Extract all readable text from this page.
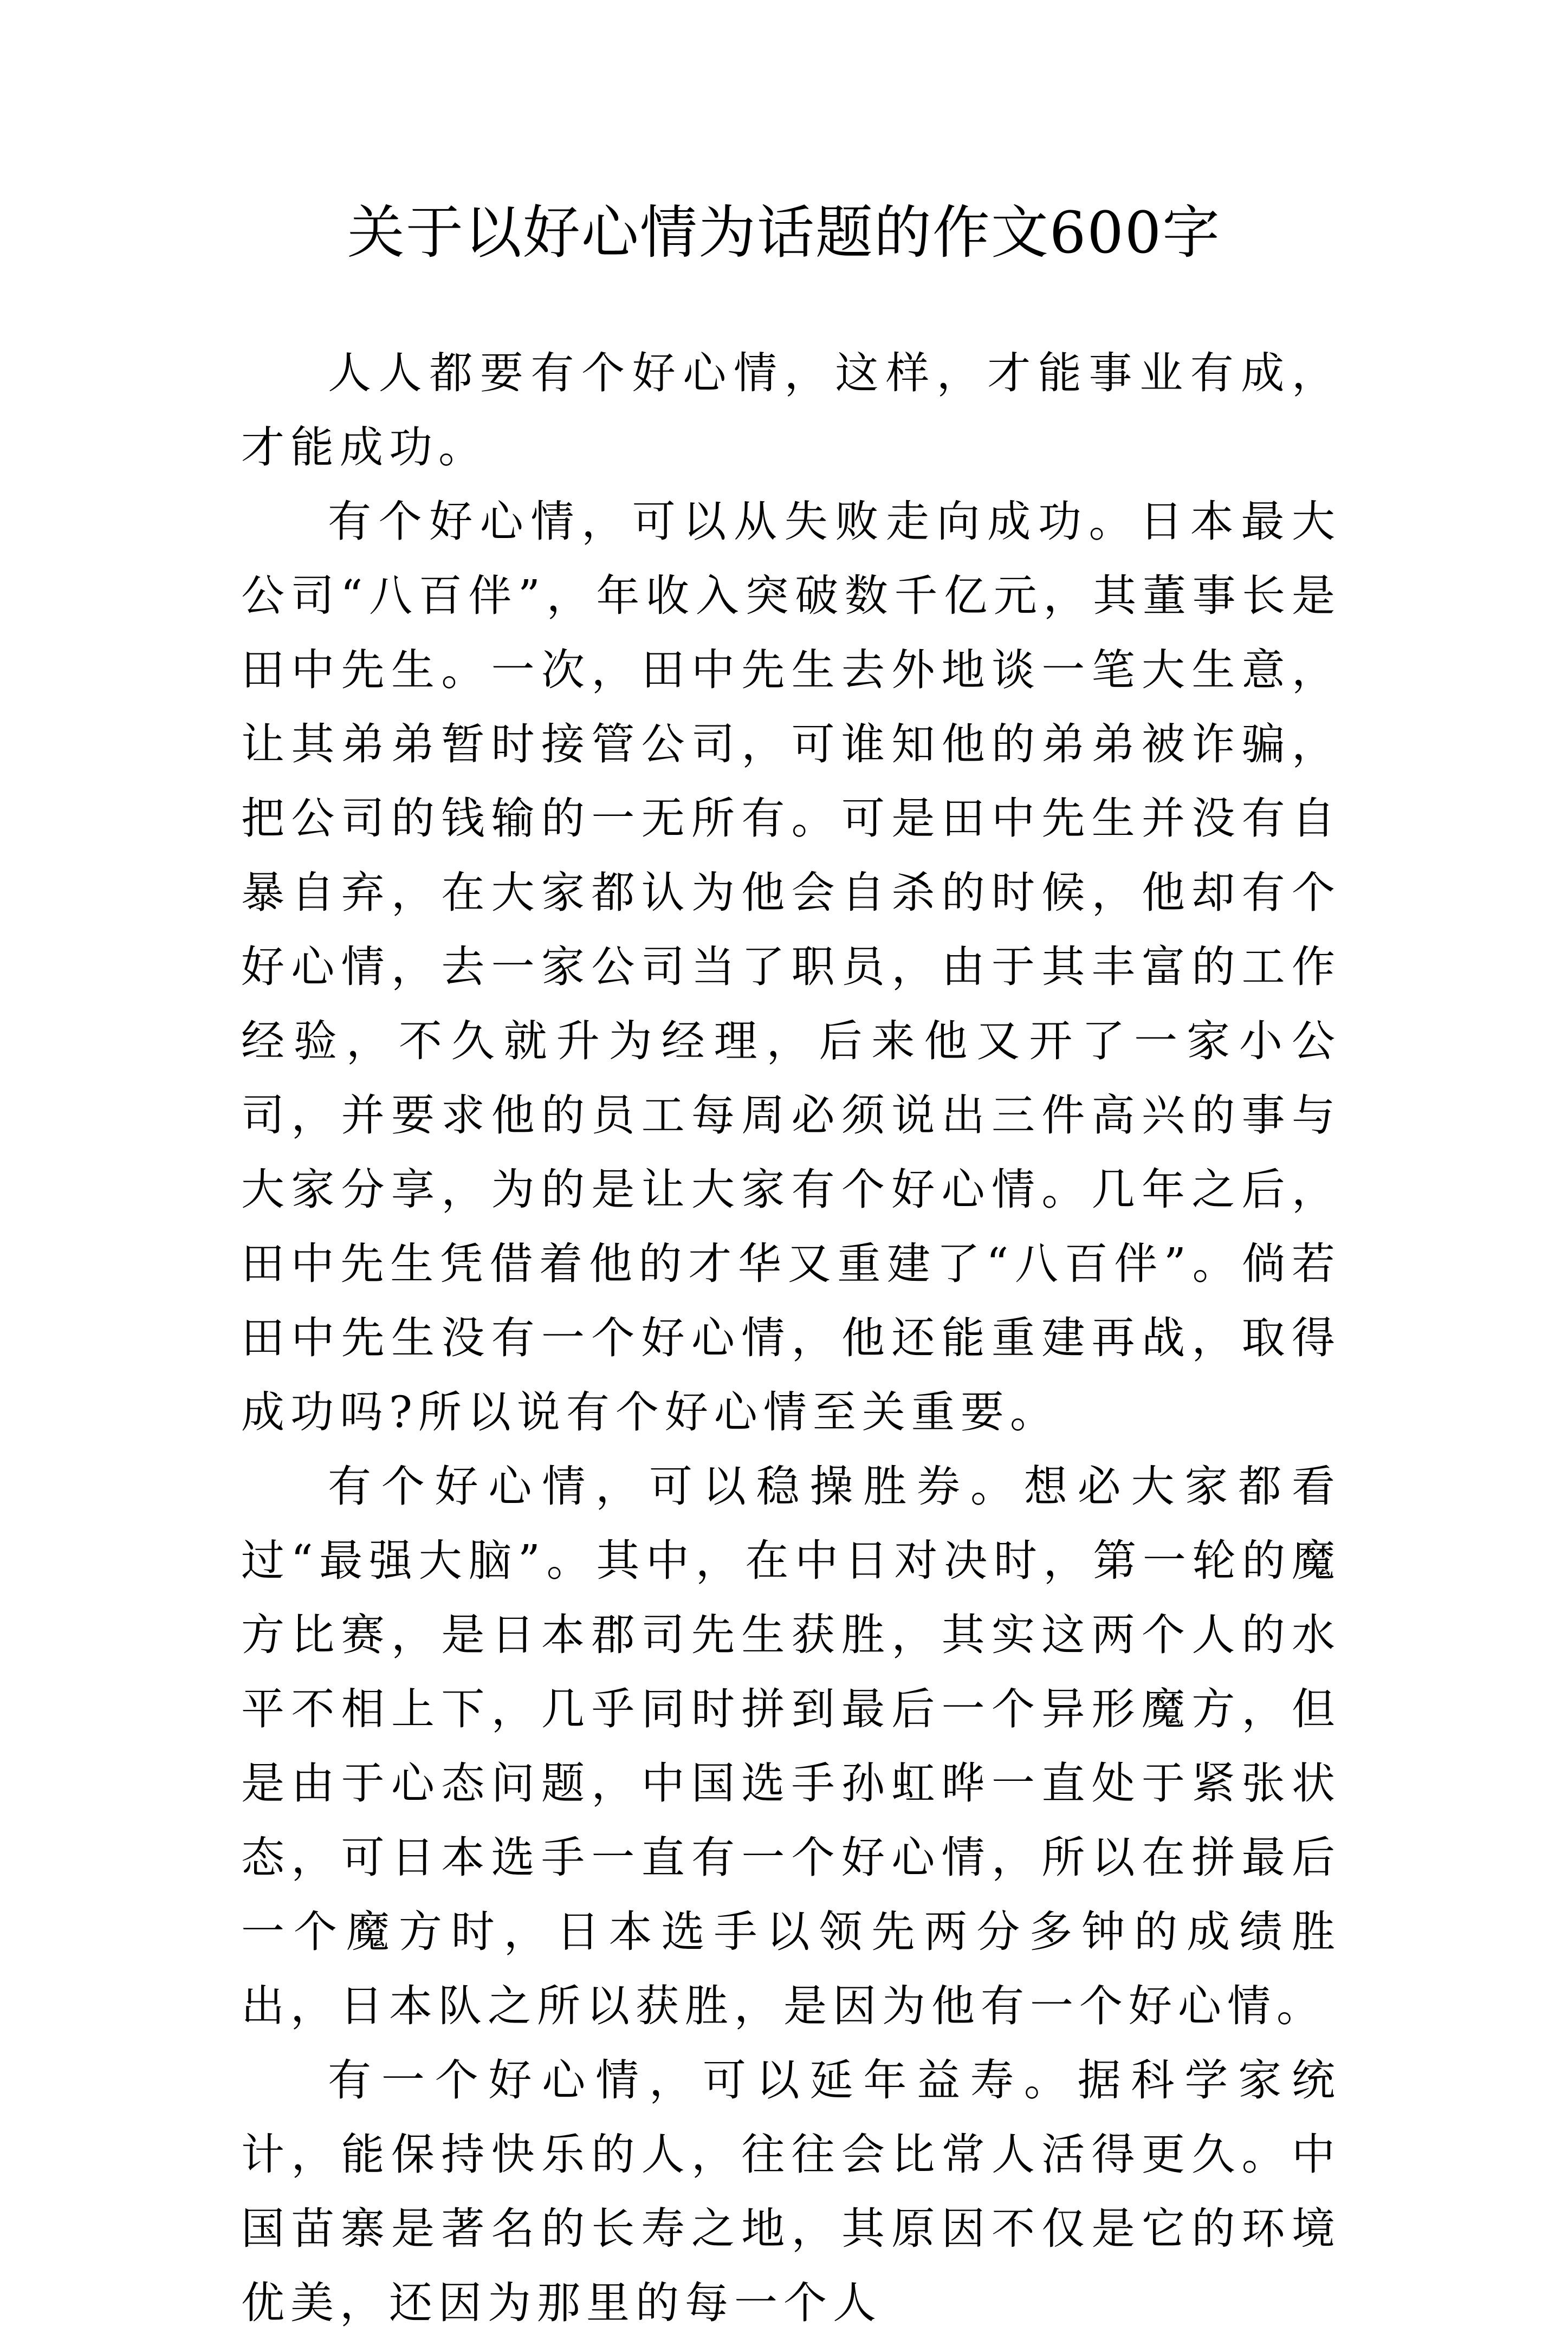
关于以好心情为话题的作文600字

人人都要有个好心情，这样，才能事业有成，才能成功。

有个好心情，可以从失败走向成功。日本最大公司“八百伴”，年收入突破数千亿元，其董事长是田中先生。一次，田中先生去外地谈一笔大生意，让其弟弟暂时接管公司，可谁知他的弟弟被诈骗，把公司的钱输的一无所有。可是田中先生并没有自暴自弃，在大家都认为他会自杀的时候，他却有个好心情，去一家公司当了职员，由于其丰富的工作经验，不久就升为经理，后来他又开了一家小公司，并要求他的员工每周必须说出三件高兴的事与大家分享，为的是让大家有个好心情。几年之后，田中先生凭借着他的才华又重建了“八百伴”。倘若田中先生没有一个好心情，他还能重建再战，取得成功吗?所以说有个好心情至关重要。

有个好心情，可以稳操胜券。想必大家都看过“最强大脑”。其中，在中日对决时，第一轮的魔方比赛，是日本郡司先生获胜，其实这两个人的水平不相上下，几乎同时拼到最后一个异形魔方，但是由于心态问题，中国选手孙虹晔一直处于紧张状态，可日本选手一直有一个好心情，所以在拼最后一个魔方时，日本选手以领先两分多钟的成绩胜出，日本队之所以获胜，是因为他有一个好心情。

有一个好心情，可以延年益寿。据科学家统计，能保持快乐的人，往往会比常人活得更久。中国苗寨是著名的长寿之地，其原因不仅是它的环境优美，还因为那里的每一个人
